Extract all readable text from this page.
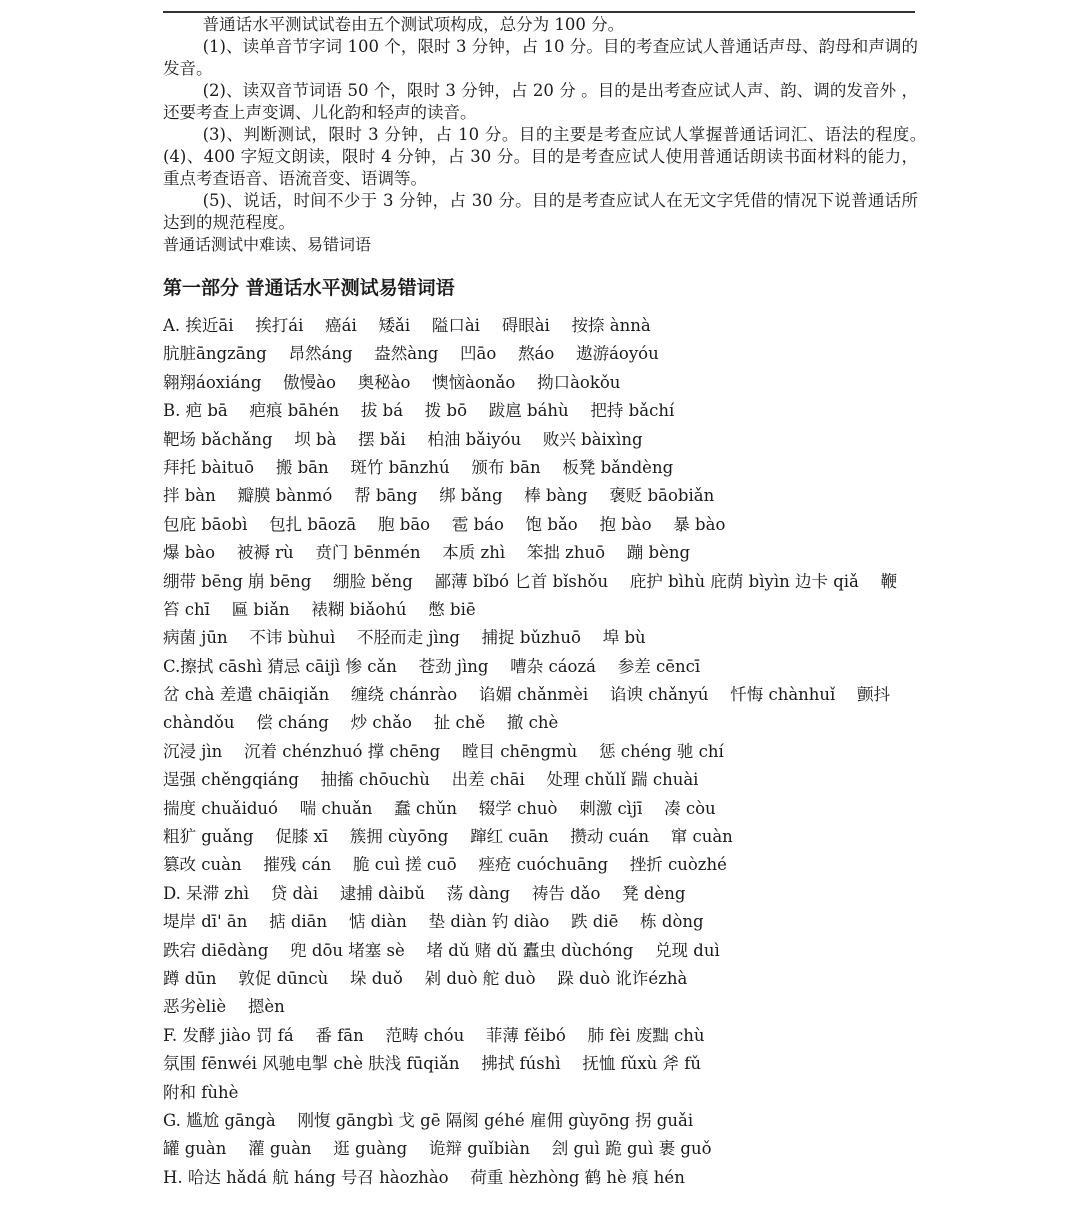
普通话水平测试试卷由五个测试项构成，总分为 100 分。

(1)、读单音节字词 100 个，限时 3 分钟，占 10 分。目的考查应试人普通话声母、韵母和声调的发音。

(2)、读双音节词语 50 个，限时 3 分钟，占 20 分 。目的是出考查应试人声、韵、调的发音外 ，还要考查上声变调、儿化韵和轻声的读音。

(3)、判断测试，限时 3 分钟，占 10 分。目的主要是考查应试人掌握普通话词汇、语法的程度。　　(4)、400 字短文朗读，限时 4 分钟，占 30 分。目的是考查应试人使用普通话朗读书面材料的能力，重点考查语音、语流音变、语调等。

(5)、说话，时间不少于 3 分钟，占 30 分。目的是考查应试人在无文字凭借的情况下说普通话所达到的规范程度。

普通话测试中难读、易错词语

第一部分 普通话水平测试易错词语
A. 挨近āi　 挨打ái　 癌ái　 矮ǎi　 隘口ài　 碍眼ài　 按捺 ànnà
肮脏āngzāng　 昂然áng　 盎然àng　 凹āo　 熬áo　 遨游áoyóu
翱翔áoxiáng　 傲慢ào　 奥秘ào　 懊恼àonǎo　 拗口àokǒu
B. 疤 bā　 疤痕 bāhén　 拔 bá　 拨 bō　 跋扈 báhù　 把持 bǎchí
靶场 bǎchǎng　 坝 bà　 摆 bǎi　 柏油 bǎiyóu　 败兴 bàixìng
拜托 bàituō　 搬 bān　 斑竹 bānzhú　 颁布 bān　 板凳 bǎndèng
拌 bàn　 瓣膜 bànmó　 帮 bāng　 绑 bǎng　 棒 bàng　 褒贬 bāobiǎn
包庇 bāobì　 包扎 bāozā　 胞 bāo　 雹 báo　 饱 bǎo　 抱 bào　 暴 bào
爆 bào　 被褥 rù　 贲门 bēnmén　 本质 zhì　 笨拙 zhuō　 蹦 bèng
绷带 bēng 崩 bēng　 绷脸 běng　 鄙薄 bǐbó 匕首 bǐshǒu　 庇护 bìhù 庇荫 bìyìn 边卡 qiǎ　 鞭
笞 chī　 匾 biǎn　 裱糊 biǎohú　 憋 biē
病菌 jūn　 不讳 bùhuì　 不胫而走 jìng　 捕捉 bǔzhuō　 埠 bù
C.擦拭 cāshì 猜忌 cāijì 惨 cǎn　 苍劲 jìng　 嘈杂 cáozá　 参差 cēncī
岔 chà 差遣 chāiqiǎn　 缠绕 chánrào　 谄媚 chǎnmèi　 谄谀 chǎnyú　 忏悔 chànhuǐ　 颤抖
chàndǒu　 偿 cháng　 炒 chǎo　 扯 chě　 撤 chè
沉浸 jìn　 沉着 chénzhuó 撑 chēng　 瞠目 chēngmù　 惩 chéng 驰 chí
逞强 chěngqiáng　 抽搐 chōuchù　 出差 chāi　 处理 chǔlǐ 踹 chuài
揣度 chuǎiduó　 喘 chuǎn　 蠢 chǔn　 辍学 chuò　 刺激 cìjī　 凑 còu
粗犷 guǎng　 促膝 xī　 簇拥 cùyōng　 蹿红 cuān　 攒动 cuán　 窜 cuàn
篡改 cuàn　 摧残 cán　 脆 cuì 搓 cuō　 痤疮 cuóchuāng　 挫折 cuòzhé
D. 呆滞 zhì　 贷 dài　 逮捕 dàibǔ　 荡 dàng　 祷告 dǎo　 凳 dèng
堤岸 dī' ān　 掂 diān　 惦 diàn　 垫 diàn 钓 diào　 跌 diē　 栋 dòng
跌宕 diēdàng　 兜 dōu 堵塞 sè　 堵 dǔ 赌 dǔ 蠹虫 dùchóng　 兑现 duì
蹲 dūn　 敦促 dūncù　 垛 duǒ　 剁 duò 舵 duò　 跺 duò 讹诈ézhà
恶劣èliè　 摁èn
F. 发酵 jiào 罚 fá　 番 fān　 范畴 chóu　 菲薄 fěibó　 肺 fèi 废黜 chù
氛围 fēnwéi 风驰电掣 chè 肤浅 fūqiǎn　 拂拭 fúshì　 抚恤 fǔxù 斧 fǔ
附和 fùhè
G. 尴尬 gāngà　 刚愎 gāngbì 戈 gē 隔阂 géhé 雇佣 gùyōng 拐 guǎi
罐 guàn　 灌 guàn　 逛 guàng　 诡辩 guǐbiàn　 刽 guì 跪 guì 裹 guǒ
H. 哈达 hǎdá 航 háng 号召 hàozhào　 荷重 hèzhòng 鹤 hè 痕 hén
